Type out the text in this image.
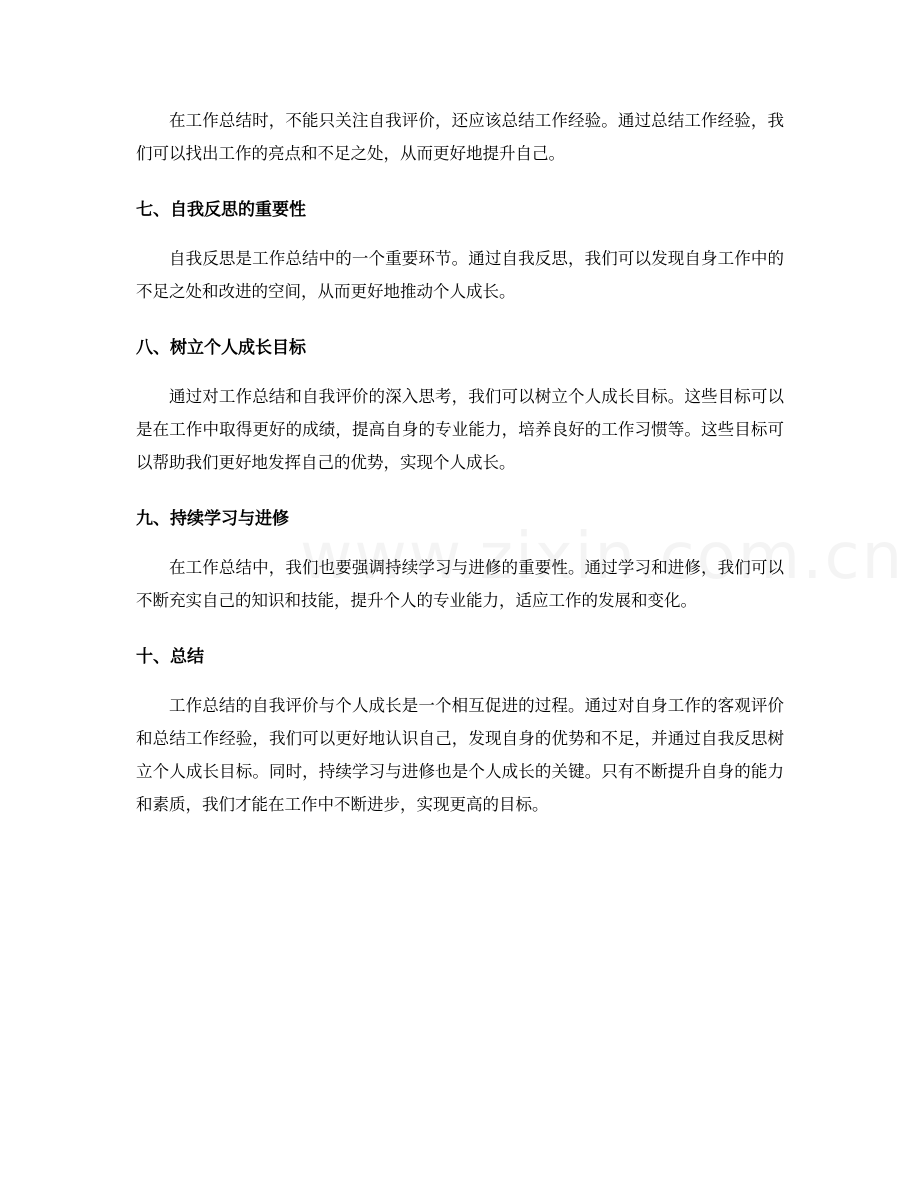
在工作总结时，不能只关注自我评价，还应该总结工作经验。通过总结工作经验，我们可以找出工作的亮点和不足之处，从而更好地提升自己。

七、自我反思的重要性

自我反思是工作总结中的一个重要环节。通过自我反思，我们可以发现自身工作中的不足之处和改进的空间，从而更好地推动个人成长。

八、树立个人成长目标

通过对工作总结和自我评价的深入思考，我们可以树立个人成长目标。这些目标可以是在工作中取得更好的成绩，提高自身的专业能力，培养良好的工作习惯等。这些目标可以帮助我们更好地发挥自己的优势，实现个人成长。

九、持续学习与进修

在工作总结中，我们也要强调持续学习与进修的重要性。通过学习和进修，我们可以不断充实自己的知识和技能，提升个人的专业能力，适应工作的发展和变化。

十、总结

工作总结的自我评价与个人成长是一个相互促进的过程。通过对自身工作的客观评价和总结工作经验，我们可以更好地认识自己，发现自身的优势和不足，并通过自我反思树立个人成长目标。同时，持续学习与进修也是个人成长的关键。只有不断提升自身的能力和素质，我们才能在工作中不断进步，实现更高的目标。
